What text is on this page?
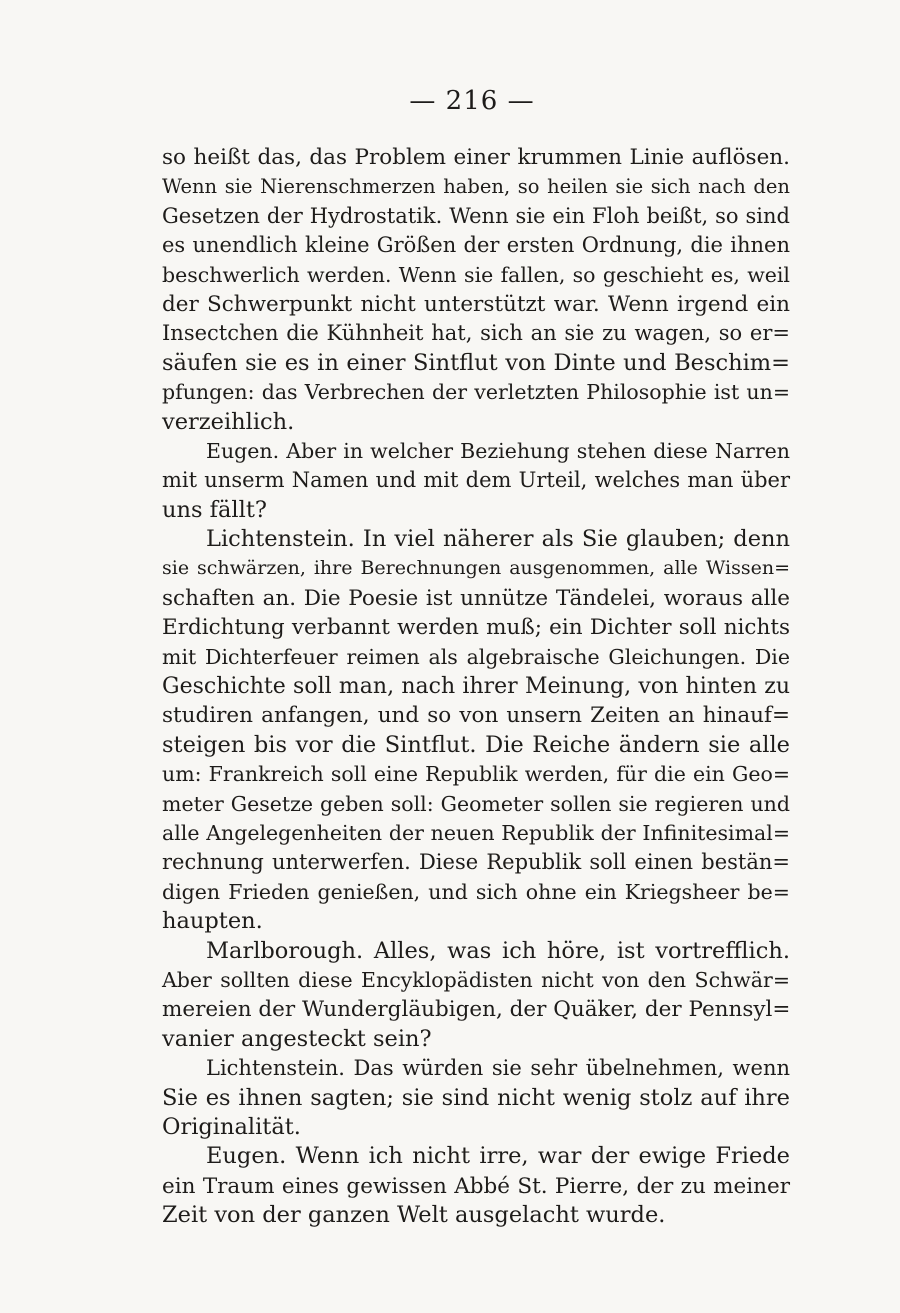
— 216 —
so heißt das, das Problem einer krummen Linie auflösen.
Wenn sie Nierenschmerzen haben, so heilen sie sich nach den
Gesetzen der Hydrostatik. Wenn sie ein Floh beißt, so sind
es unendlich kleine Größen der ersten Ordnung, die ihnen
beschwerlich werden. Wenn sie fallen, so geschieht es, weil
der Schwerpunkt nicht unterstützt war. Wenn irgend ein
Insectchen die Kühnheit hat, sich an sie zu wagen, so er=
säufen sie es in einer Sintflut von Dinte und Beschim=
pfungen: das Verbrechen der verletzten Philosophie ist un=
verzeihlich.
Eugen. Aber in welcher Beziehung stehen diese Narren
mit unserm Namen und mit dem Urteil, welches man über
uns fällt?
Lichtenstein. In viel näherer als Sie glauben; denn
sie schwärzen, ihre Berechnungen ausgenommen, alle Wissen=
schaften an. Die Poesie ist unnütze Tändelei, woraus alle
Erdichtung verbannt werden muß; ein Dichter soll nichts
mit Dichterfeuer reimen als algebraische Gleichungen. Die
Geschichte soll man, nach ihrer Meinung, von hinten zu
studiren anfangen, und so von unsern Zeiten an hinauf=
steigen bis vor die Sintflut. Die Reiche ändern sie alle
um: Frankreich soll eine Republik werden, für die ein Geo=
meter Gesetze geben soll: Geometer sollen sie regieren und
alle Angelegenheiten der neuen Republik der Infinitesimal=
rechnung unterwerfen. Diese Republik soll einen bestän=
digen Frieden genießen, und sich ohne ein Kriegsheer be=
haupten.
Marlborough. Alles, was ich höre, ist vortrefflich.
Aber sollten diese Encyklopädisten nicht von den Schwär=
mereien der Wundergläubigen, der Quäker, der Pennsyl=
vanier angesteckt sein?
Lichtenstein. Das würden sie sehr übelnehmen, wenn
Sie es ihnen sagten; sie sind nicht wenig stolz auf ihre
Originalität.
Eugen. Wenn ich nicht irre, war der ewige Friede
ein Traum eines gewissen Abbé St. Pierre, der zu meiner
Zeit von der ganzen Welt ausgelacht wurde.
